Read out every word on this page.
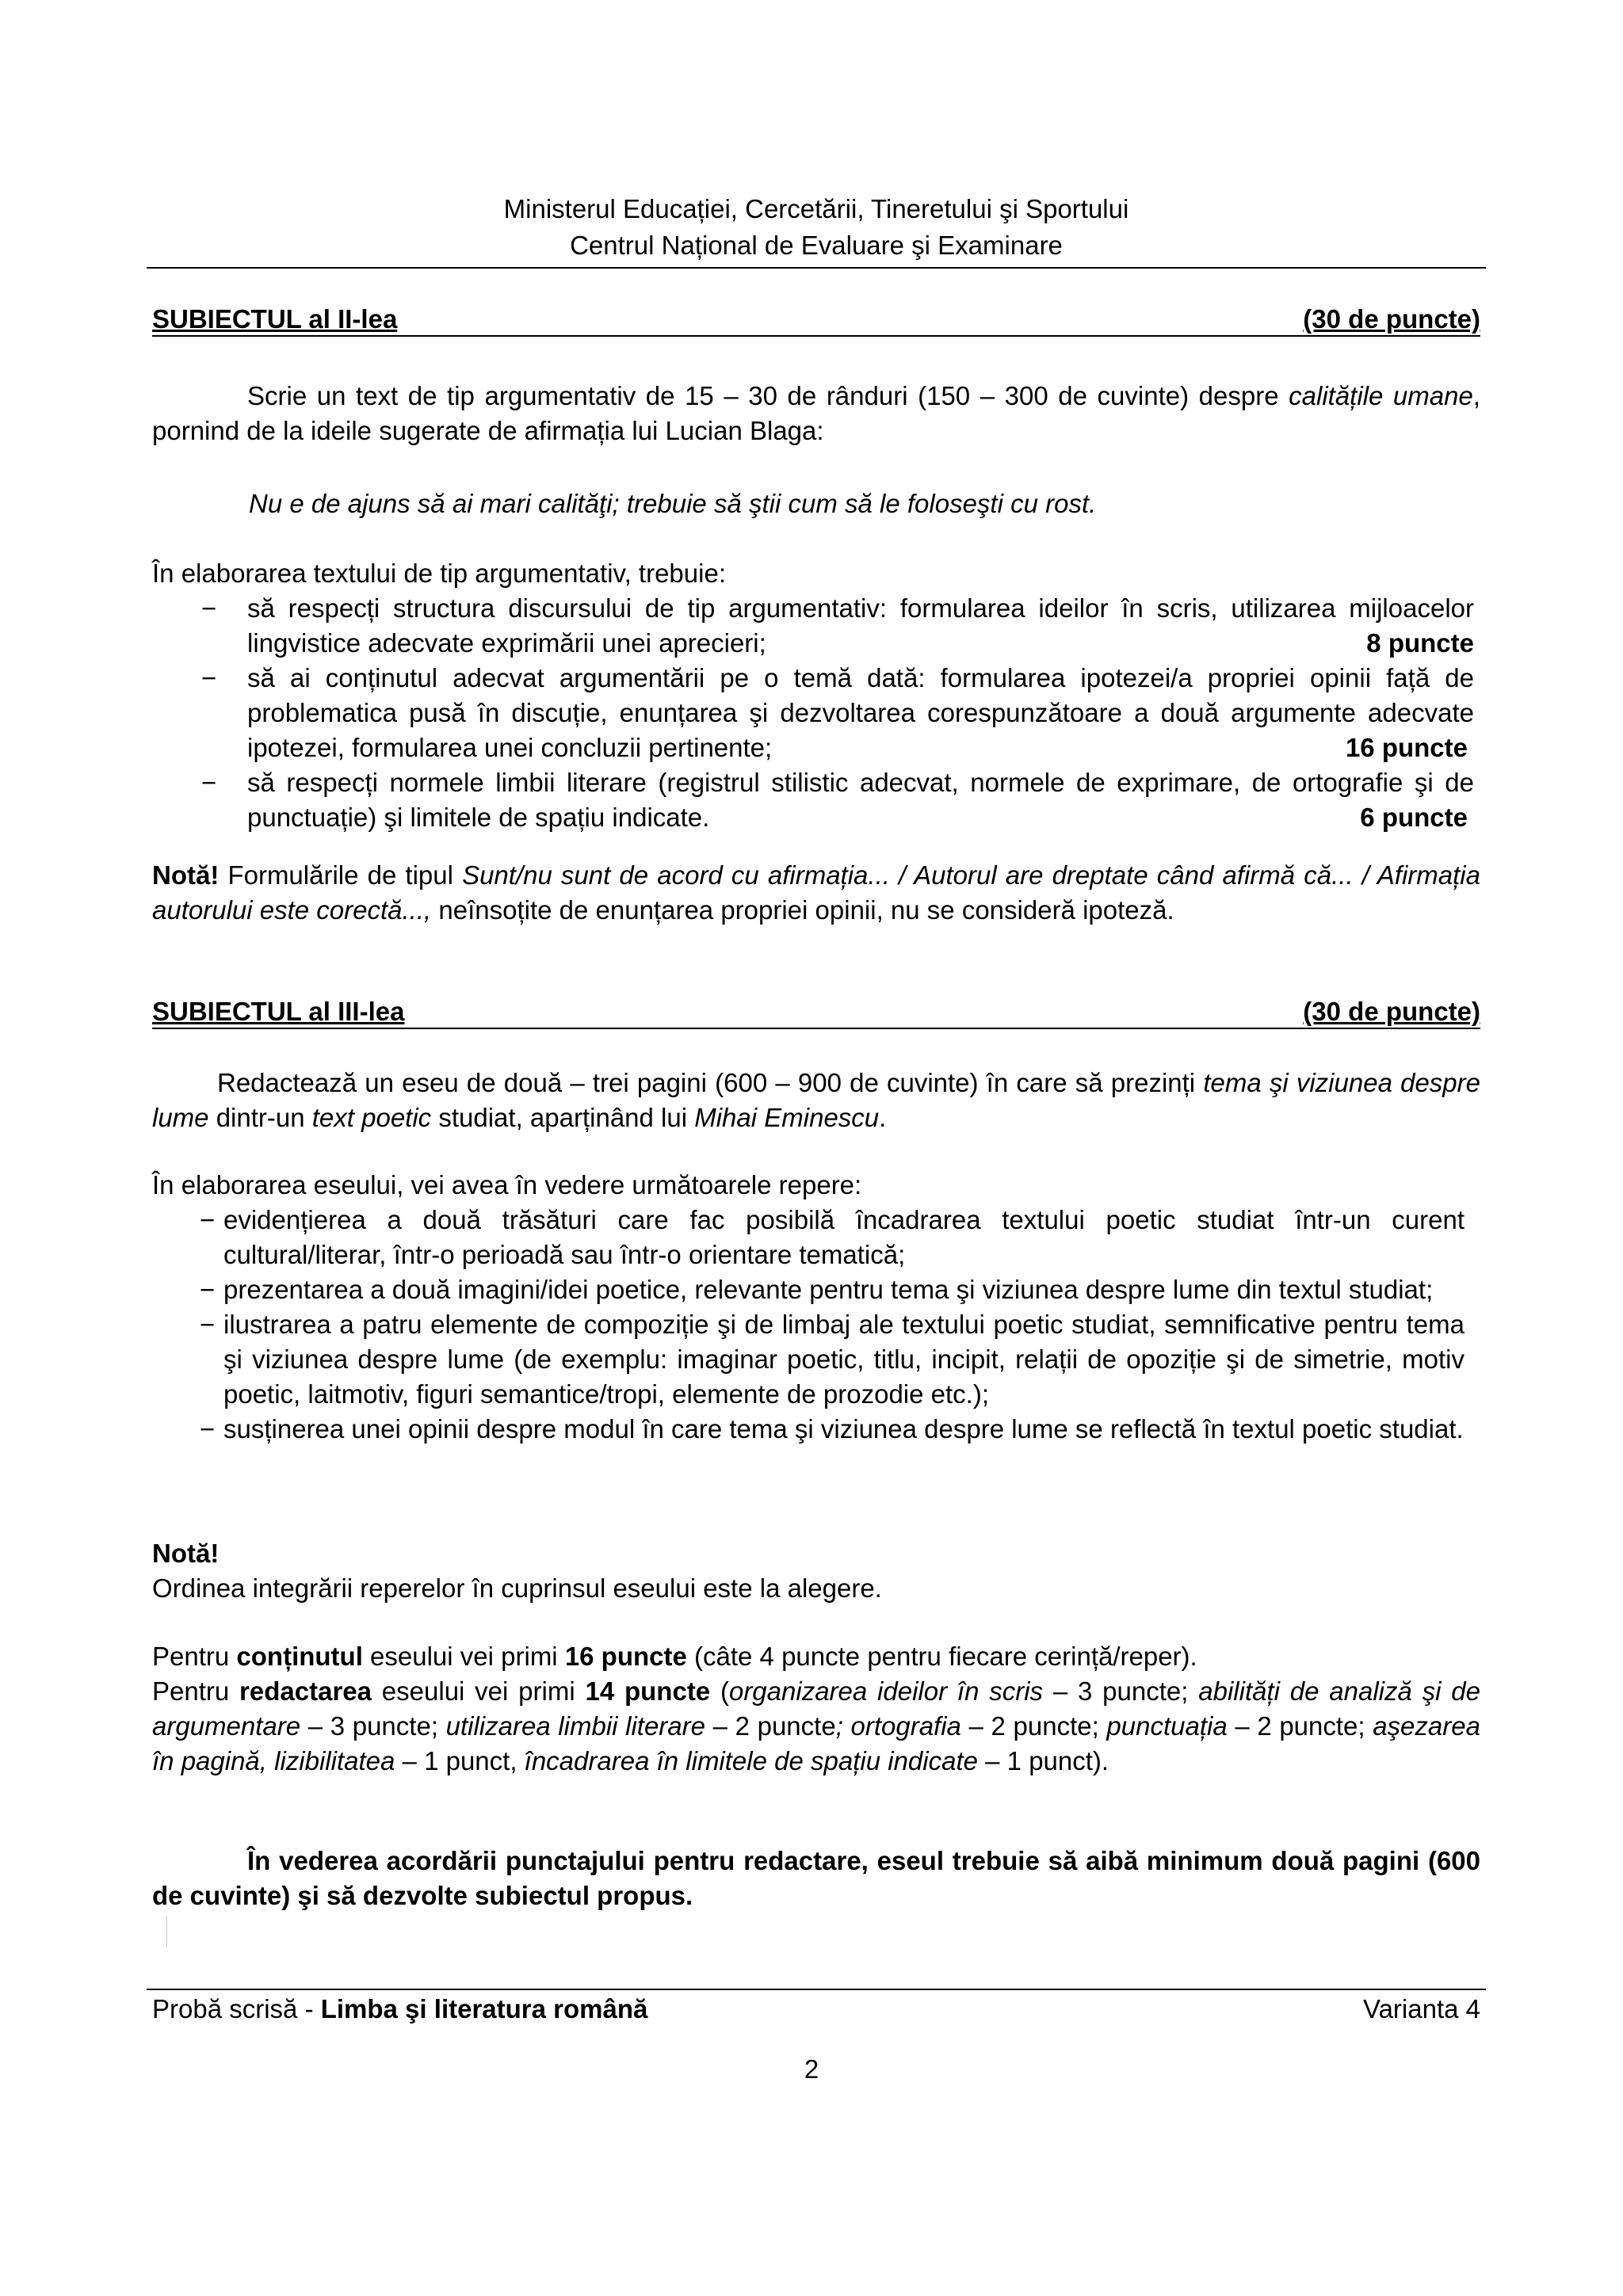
Ministerul Educației, Cercetării, Tineretului şi Sportului
Centrul Național de Evaluare şi Examinare
SUBIECTUL al II-lea	(30 de puncte)
Scrie un text de tip argumentativ de 15 – 30 de rânduri (150 – 300 de cuvinte) despre calitățile umane, pornind de la ideile sugerate de afirmația lui Lucian Blaga:
Nu e de ajuns să ai mari calităţi; trebuie să ştii cum să le foloseşti cu rost.
În elaborarea textului de tip argumentativ, trebuie:
− să respecți structura discursului de tip argumentativ: formularea ideilor în scris, utilizarea mijloacelor lingvistice adecvate exprimării unei aprecieri;	8 puncte
− să ai conținutul adecvat argumentării pe o temă dată: formularea ipotezei/a propriei opinii față de problematica pusă în discuție, enunțarea şi dezvoltarea corespunzătoare a două argumente adecvate ipotezei, formularea unei concluzii pertinente;	16 puncte
− să respecți normele limbii literare (registrul stilistic adecvat, normele de exprimare, de ortografie şi de punctuație) şi limitele de spațiu indicate.	6 puncte
Notă! Formulările de tipul Sunt/nu sunt de acord cu afirmația... / Autorul are dreptate când afirmă că... / Afirmația autorului este corectă..., neînsoțite de enunțarea propriei opinii, nu se consideră ipoteză.
SUBIECTUL al III-lea	(30 de puncte)
Redactează un eseu de două – trei pagini (600 – 900 de cuvinte) în care să prezinți tema şi viziunea despre lume dintr-un text poetic studiat, aparținând lui Mihai Eminescu.
În elaborarea eseului, vei avea în vedere următoarele repere:
− evidențierea a două trăsături care fac posibilă încadrarea textului poetic studiat într-un curent cultural/literar, într-o perioadă sau într-o orientare tematică;
− prezentarea a două imagini/idei poetice, relevante pentru tema şi viziunea despre lume din textul studiat;
− ilustrarea a patru elemente de compoziție şi de limbaj ale textului poetic studiat, semnificative pentru tema şi viziunea despre lume (de exemplu: imaginar poetic, titlu, incipit, relații de opoziție şi de simetrie, motiv poetic, laitmotiv, figuri semantice/tropi, elemente de prozodie etc.);
− susținerea unei opinii despre modul în care tema şi viziunea despre lume se reflectă în textul poetic studiat.
Notă!
Ordinea integrării reperelor în cuprinsul eseului este la alegere.
Pentru conținutul eseului vei primi 16 puncte (câte 4 puncte pentru fiecare cerință/reper).
Pentru redactarea eseului vei primi 14 puncte (organizarea ideilor în scris – 3 puncte; abilități de analiză şi de argumentare – 3 puncte; utilizarea limbii literare – 2 puncte; ortografia – 2 puncte; punctuația – 2 puncte; aşezarea în pagină, lizibilitatea – 1 punct, încadrarea în limitele de spațiu indicate – 1 punct).
În vederea acordării punctajului pentru redactare, eseul trebuie să aibă minimum două pagini (600 de cuvinte) şi să dezvolte subiectul propus.
Probă scrisă - Limba şi literatura română	Varianta 4
2
